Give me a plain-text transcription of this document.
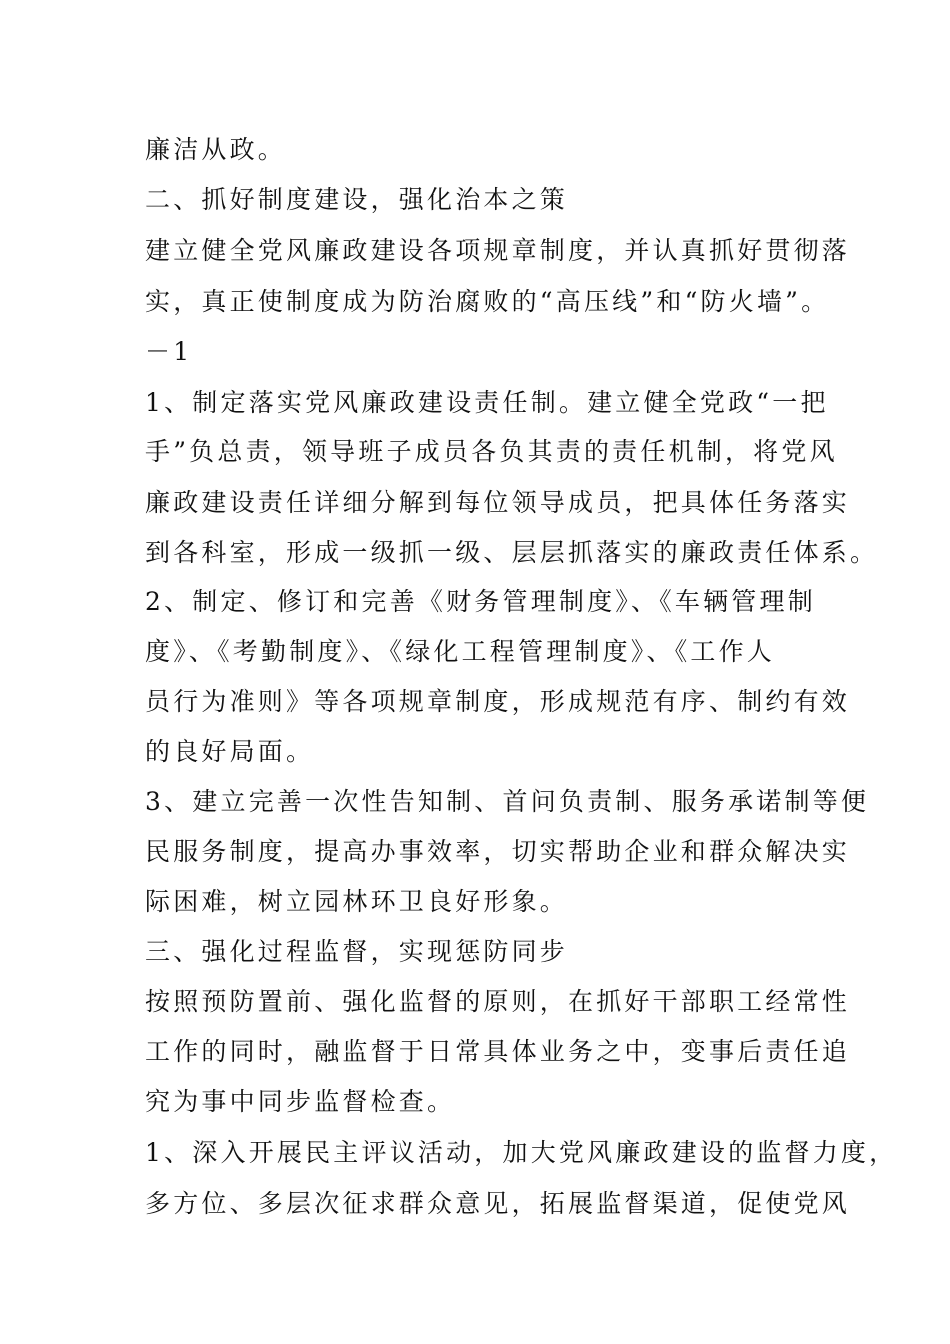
廉洁从政。
二、抓好制度建设，强化治本之策
建立健全党风廉政建设各项规章制度，并认真抓好贯彻落
实，真正使制度成为防治腐败的“高压线”和“防火墙”。
－1
1、制定落实党风廉政建设责任制。建立健全党政“一把
手”负总责，领导班子成员各负其责的责任机制，将党风
廉政建设责任详细分解到每位领导成员，把具体任务落实
到各科室，形成一级抓一级、层层抓落实的廉政责任体系。
2、制定、修订和完善《财务管理制度》、《车辆管理制
度》、《考勤制度》、《绿化工程管理制度》、《工作人
员行为准则》等各项规章制度，形成规范有序、制约有效
的良好局面。
3、建立完善一次性告知制、首问负责制、服务承诺制等便
民服务制度，提高办事效率，切实帮助企业和群众解决实
际困难，树立园林环卫良好形象。
三、强化过程监督，实现惩防同步
按照预防置前、强化监督的原则，在抓好干部职工经常性
工作的同时，融监督于日常具体业务之中，变事后责任追
究为事中同步监督检查。
1、深入开展民主评议活动，加大党风廉政建设的监督力度，
多方位、多层次征求群众意见，拓展监督渠道，促使党风
